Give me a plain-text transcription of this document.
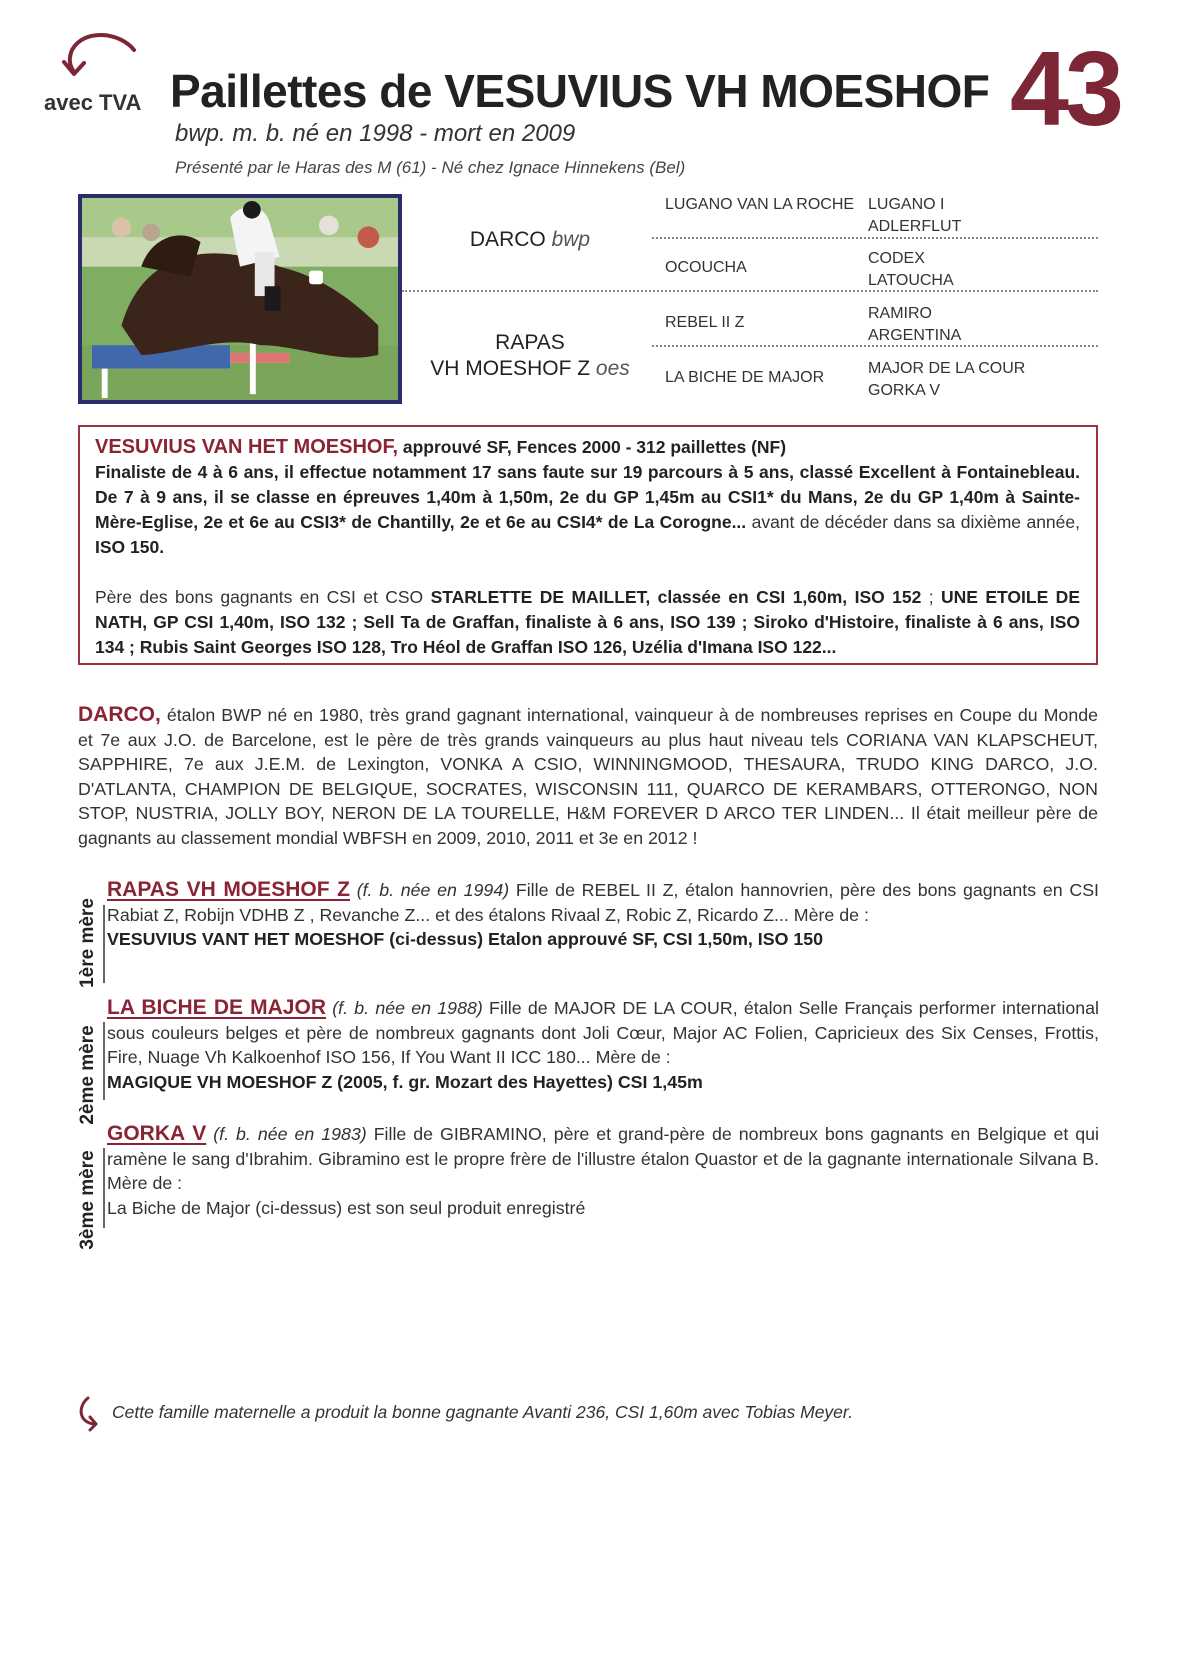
avec TVA Paillettes de VESUVIUS VH MOESHOF 43
bwp. m. b. né en 1998 - mort en 2009
Présenté par le Haras des M (61) - Né chez Ignace Hinnekens (Bel)
DARCO bwp
RAPAS
VH MOESHOF Z oes
LUGANO VAN LA ROCHE
OCOUCHA
REBEL II Z
LA BICHE DE MAJOR
LUGANO I
ADLERFLUT
CODEX
LATOUCHA
RAMIRO
ARGENTINA
MAJOR DE LA COUR
GORKA V
VESUVIUS VAN HET MOESHOF, approuvé SF, Fences 2000 - 312 paillettes (NF)
Finaliste de 4 à 6 ans, il effectue notamment 17 sans faute sur 19 parcours à 5 ans, classé Excellent à Fontainebleau. De 7 à 9 ans, il se classe en épreuves 1,40m à 1,50m, 2e du GP 1,45m au CSI1* du Mans, 2e du GP 1,40m à Sainte-Mère-Eglise, 2e et 6e au CSI3* de Chantilly, 2e et 6e au CSI4* de La Corogne... avant de décéder dans sa dixième année, ISO 150.
Père des bons gagnants en CSI et CSO STARLETTE DE MAILLET, classée en CSI 1,60m, ISO 152 ; UNE ETOILE DE NATH, GP CSI 1,40m, ISO 132 ; Sell Ta de Graffan, finaliste à 6 ans, ISO 139 ; Siroko d'Histoire, finaliste à 6 ans, ISO 134 ; Rubis Saint Georges ISO 128, Tro Héol de Graffan ISO 126, Uzélia d'Imana ISO 122...
DARCO, étalon BWP né en 1980, très grand gagnant international, vainqueur à de nombreuses reprises en Coupe du Monde et 7e aux J.O. de Barcelone, est le père de très grands vainqueurs au plus haut niveau tels CORIANA VAN KLAPSCHEUT, SAPPHIRE, 7e aux J.E.M. de Lexington, VONKA A CSIO, WINNINGMOOD, THESAURA, TRUDO KING DARCO, J.O. D'ATLANTA, CHAMPION DE BELGIQUE, SOCRATES, WISCONSIN 111, QUARCO DE KERAMBARS, OTTERONGO, NON STOP, NUSTRIA, JOLLY BOY, NERON DE LA TOURELLE, H&M FOREVER D ARCO TER LINDEN... Il était meilleur père de gagnants au classement mondial WBFSH en 2009, 2010, 2011 et 3e en 2012 !
1ère mère
RAPAS VH MOESHOF Z (f. b. née en 1994) Fille de REBEL II Z, étalon hannovrien, père des bons gagnants en CSI Rabiat Z, Robijn VDHB Z , Revanche Z... et des étalons Rivaal Z, Robic Z, Ricardo Z... Mère de :
VESUVIUS VANT HET MOESHOF (ci-dessus) Etalon approuvé SF, CSI 1,50m, ISO 150
2ème mère
LA BICHE DE MAJOR (f. b. née en 1988) Fille de MAJOR DE LA COUR, étalon Selle Français performer international sous couleurs belges et père de nombreux gagnants dont Joli Cœur, Major AC Folien, Capricieux des Six Censes, Frottis, Fire, Nuage Vh Kalkoenhof ISO 156, If You Want II ICC 180... Mère de :
MAGIQUE VH MOESHOF Z (2005, f. gr. Mozart des Hayettes) CSI 1,45m
3ème mère
GORKA V (f. b. née en 1983) Fille de GIBRAMINO, père et grand-père de nombreux bons gagnants en Belgique et qui ramène le sang d'Ibrahim. Gibramino est le propre frère de l'illustre étalon Quastor et de la gagnante internationale Silvana B. Mère de :
La Biche de Major (ci-dessus) est son seul produit enregistré
Cette famille maternelle a produit la bonne gagnante Avanti 236, CSI 1,60m avec Tobias Meyer.
